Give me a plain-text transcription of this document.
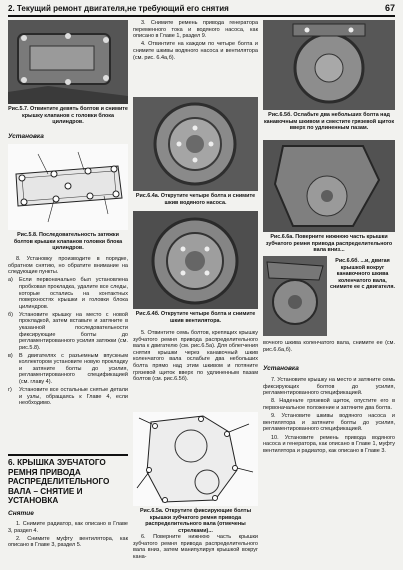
2. Текущий ремонт двигателя,не требующий его снятия	67
Рис.5.7. Отвинтите девять болтов и снимите крышку клапанов с головки блока цилиндров.
Установка
Рис.5.8. Последовательность затяжки болтов крышки клапанов головки блока цилиндров.

8. Установку производите в порядке, обратном снятию, но обратите внимание на следующие пункты.

а) Если первоначально был установлена пробковая прокладка, удалите все следы, которые остались на контактных поверхностях крышки и головки блока цилиндров.
б) Установите крышку на место с новой прокладкой, затем вставьте и затяните в указанной последовательности фиксирующие болты до регламентированного усилия затяжки (см. рис.5.8).
в) В двигателях с разъемным впускным коллектором установите новую прокладку и затяните болты до усилия, регламентированного спецификацией (см. главу 4).
г) Установите все остальные снятые детали и узлы, обращаясь к Главе 4, если необходимо.
6. КРЫШКА ЗУБЧАТОГО РЕМНЯ ПРИВОДА РАСПРЕДЕЛИТЕЛЬНОГО ВАЛА – СНЯТИЕ И УСТАНОВКА
Снятие

1. Снимите радиатор, как описано в Главе 3, раздел 4.

2. Снимите муфту вентилятора, как описано в Главе 3, раздел 5.

3. Снимите ремень привода генератора переменного тока и водяного насоса, как описано в Главе 1, раздел 9.

4. Отвинтите на каждом по четыре болта и снимите шкивы водяного насоса и вентилятора (см. рис. 6.4а,б).

Рис.6.4а. Открутите четыре болта и снимите шкив водяного насоса.
Рис.6.4б. Открутите четыре болта и снимите шкив вентилятора.

5. Отвинтите семь болтов, крепящих крышку зубчатого ремня привода распределительного вала к двигателю (см. рис.6.5а). Для облегчения снятия крышки через канавочный шкив коленчатого вала ослабьте два небольших болта прямо над этим шкивом и потяните грязевой щиток вверх по удлиненным пазам болтов (см. рис.6.5б).

Рис.6.5а. Открутите фиксирующие болты крышки зубчатого ремня привода распределительного вала (отмечены стрелками)...

6. Поверните нижнюю часть крышки зубчатого ремня привода распределительного вала вниз, затем манипулируя крышкой вокруг кана-

Рис.6.5б. Ослабьте два небольших болта над канавочным шкивом и сместите грязевой щиток вверх по удлиненным пазам.
Рис.6.6а. Поверните нижнюю часть крышки зубчатого ремня привода распределительного вала вниз...
Рис.6.6б. ...и, двигая крышкой вокруг канавочного шкива коленчатого вала, снимите ее с двигателя.

вочного шкива коленчатого вала, снимите ее (см. рис.6.6а,б).

Установка
7. Установите крышку на место и затяните семь фиксирующих болтов до усилия, регламентированного спецификацией.
8. Наденьте грязевой щиток, опустите его в первоначальное положение и затяните два болта.
9. Установите шкивы водяного насоса и вентилятора и затяните болты до усилия, регламентированного спецификацией.
10. Установите ремень привода водяного насоса и генератора, как описано в Главе 1, муфту вентилятора и радиатор, как описано в Главе 3.
